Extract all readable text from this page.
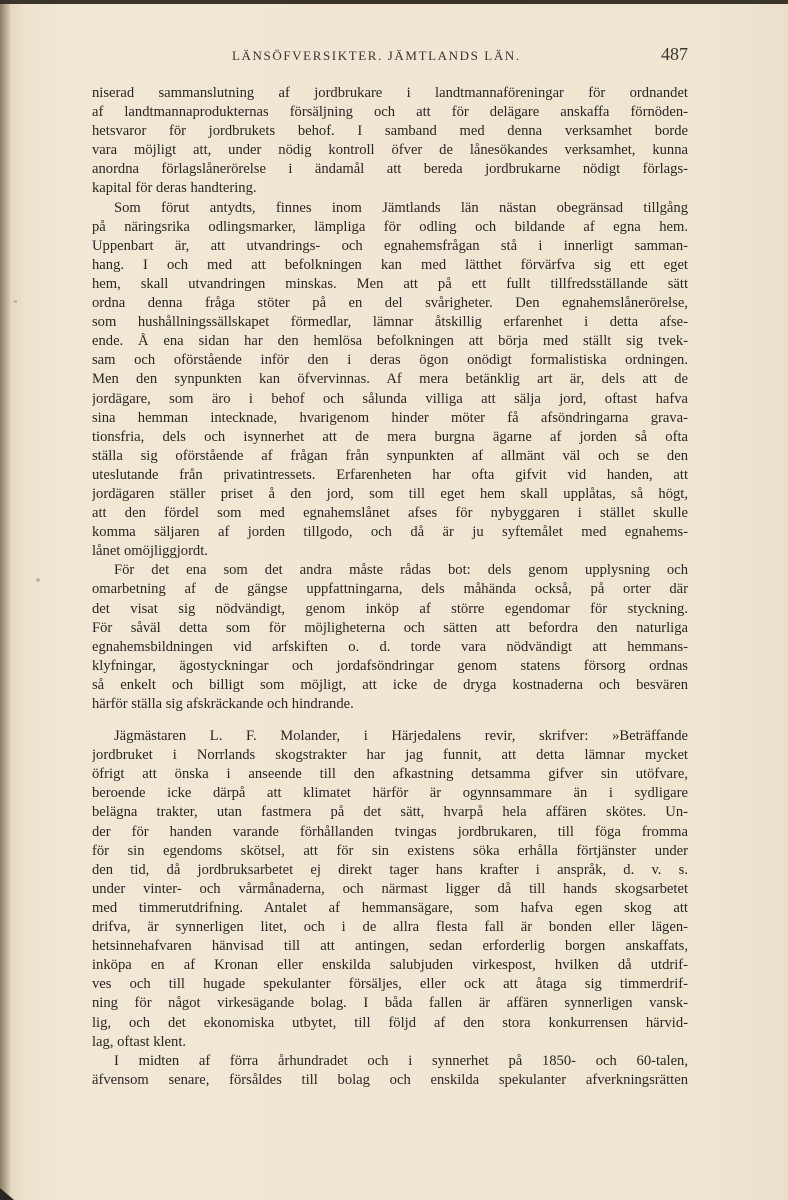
LÄNSÖFVERSIKTER. JÄMTLANDS LÄN.	487
niserad sammanslutning af jordbrukare i landtmannaföreningar för ordnandet
af landtmannaprodukternas försäljning och att för delägare anskaffa förnöden-
hetsvaror för jordbrukets behof. I samband med denna verksamhet borde
vara möjligt att, under nödig kontroll öfver de lånesökandes verksamhet, kunna
anordna förlagslånerörelse i ändamål att bereda jordbrukarne nödigt förlags-
kapital för deras handtering.
Som förut antydts, finnes inom Jämtlands län nästan obegränsad tillgång
på näringsrika odlingsmarker, lämpliga för odling och bildande af egna hem.
Uppenbart är, att utvandrings- och egnahemsfrågan stå i innerligt samman-
hang. I och med att befolkningen kan med lätthet förvärfva sig ett eget
hem, skall utvandringen minskas. Men att på ett fullt tillfredsställande sätt
ordna denna fråga stöter på en del svårigheter. Den egnahemslånerörelse,
som hushållningssällskapet förmedlar, lämnar åtskillig erfarenhet i detta afse-
ende. Å ena sidan har den hemlösa befolkningen att börja med ställt sig tvek-
sam och oförstående inför den i deras ögon onödigt formalistiska ordningen.
Men den synpunkten kan öfvervinnas. Af mera betänklig art är, dels att de
jordägare, som äro i behof och sålunda villiga att sälja jord, oftast hafva
sina hemman intecknade, hvarigenom hinder möter få afsöndringarna grava-
tionsfria, dels och isynnerhet att de mera burgna ägarne af jorden så ofta
ställa sig oförstående af frågan från synpunkten af allmänt väl och se den
uteslutande från privatintressets. Erfarenheten har ofta gifvit vid handen, att
jordägaren ställer priset å den jord, som till eget hem skall upplåtas, så högt,
att den fördel som med egnahemslånet afses för nybyggaren i stället skulle
komma säljaren af jorden tillgodo, och då är ju syftemålet med egnahems-
lånet omöjliggjordt.
För det ena som det andra måste rådas bot: dels genom upplysning och
omarbetning af de gängse uppfattningarna, dels måhända också, på orter där
det visat sig nödvändigt, genom inköp af större egendomar för styckning.
För såväl detta som för möjligheterna och sätten att befordra den naturliga
egnahemsbildningen vid arfskiften o. d. torde vara nödvändigt att hemmans-
klyfningar, ägostyckningar och jordafsöndringar genom statens försorg ordnas
så enkelt och billigt som möjligt, att icke de dryga kostnaderna och besvären
härför ställa sig afskräckande och hindrande.
Jägmästaren L. F. Molander, i Härjedalens revir, skrifver: »Beträffande
jordbruket i Norrlands skogstrakter har jag funnit, att detta lämnar mycket
öfrigt att önska i anseende till den afkastning detsamma gifver sin utöfvare,
beroende icke därpå att klimatet härför är ogynnsammare än i sydligare
belägna trakter, utan fastmera på det sätt, hvarpå hela affären skötes. Un-
der för handen varande förhållanden tvingas jordbrukaren, till föga fromma
för sin egendoms skötsel, att för sin existens söka erhålla förtjänster under
den tid, då jordbruksarbetet ej direkt tager hans krafter i anspråk, d. v. s.
under vinter- och vårmånaderna, och närmast ligger då till hands skogsarbetet
med timmerutdrifning. Antalet af hemmansägare, som hafva egen skog att
drifva, är synnerligen litet, och i de allra flesta fall är bonden eller lägen-
hetsinnehafvaren hänvisad till att antingen, sedan erforderlig borgen anskaffats,
inköpa en af Kronan eller enskilda salubjuden virkespost, hvilken då utdrif-
ves och till hugade spekulanter försäljes, eller ock att åtaga sig timmerdrif-
ning för något virkesägande bolag. I båda fallen är affären synnerligen vansk-
lig, och det ekonomiska utbytet, till följd af den stora konkurrensen härvid-
lag, oftast klent.
I midten af förra århundradet och i synnerhet på 1850- och 60-talen,
äfvensom senare, försåldes till bolag och enskilda spekulanter afverkningsrätten
